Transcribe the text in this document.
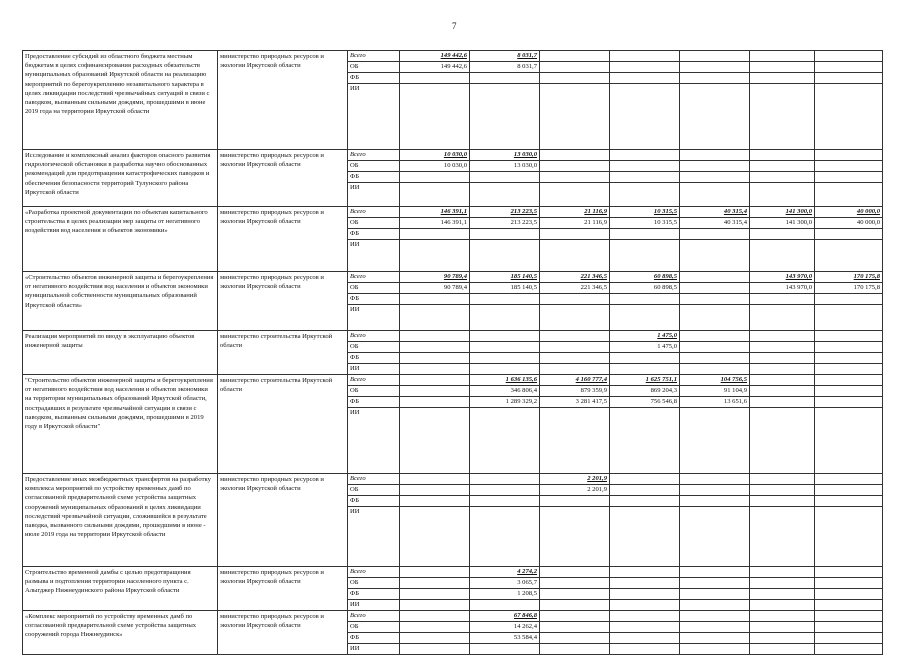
7
Предоставление субсидий из областного бюджета местным бюджетам в целях софинансирования расходных обязательств муниципальных образований Иркутской области на реализацию мероприятий по берегоукреплению незавитального характера в целях ликвидации последствий чрезвычайных ситуаций в связи с паводком, вызванным сильными дождями, прошедшими в июне 2019 года на территории Иркутской области	министерство природных ресурсов и экологии Иркутской области	Всего	149 442,6	8 031,7					
		ОБ	149 442,6	8 031,7					
		ФБ							
		ИИ							
Исследование и комплексный анализ факторов опасного развития гидрологической обстановки в разработка научно обоснованных рекомендаций для предотвращения катастрофических паводков и обеспечения безопасности территорий Тулунского района Иркутской области	министерство природных ресурсов и экологии Иркутской области	Всего	10 030,0	13 030,0					
		ОБ	10 030,0	13 030,0					
		ФБ							
		ИИ							
«Разработка проектной документации по объектам капитального строительства в целях реализации мер защиты от негативного воздействия вод населения и объектов экономики»	министерство природных ресурсов и экологии Иркутской области	Всего	146 391,1	213 223,5	21 116,9	10 315,5	40 315,4	141 300,0	40 000,0
		ОБ	146 391,1	213 223,5	21 116,9	10 315,5	40 315,4	141 300,0	40 000,0
		ФБ							
		ИИ							
«Строительство объектов инженерной защиты и берегоукрепления от негативного воздействия вод населения и объектов экономики муниципальной собственности муниципальных образований Иркутской области»	министерство природных ресурсов и экологии Иркутской области	Всего	90 789,4	185 140,5	221 346,5	60 898,5		143 970,0	170 175,8
		ОБ	90 789,4	185 140,5	221 346,5	60 898,5		143 970,0	170 175,8
		ФБ							
		ИИ							
Реализация мероприятий по вводу в эксплуатацию объектов инженерной защиты	министерство строительства Иркутской области	Всего				1 475,0			
		ОБ				1 475,0			
		ФБ							
		ИИ							
"Строительство объектов инженерной защиты и берегоукрепления от негативного воздействия вод населения и объектов экономики на территории муниципальных образований Иркутской области, пострадавших в результате чрезвычайной ситуации в связи с паводком, вызванным сильными дождями, прошедшими в 2019 году в Иркутской области"	министерство строительства Иркутской области	Всего		1 636 135,6	4 160 777,4	1 625 751,1	104 756,5		
		ОБ		346 806,4	879 359,9	869 204,3	91 104,9		
		ФБ		1 289 329,2	3 281 417,5	756 546,8	13 651,6		
		ИИ							
Предоставление иных межбюджетных трансфертов на разработку комплекса мероприятий по устройству временных дамб по согласованной предварительной схеме устройства защитных сооружений муниципальных образований в целях ликвидации последствий чрезвычайной ситуации, сложившейся в результате паводка, вызванного сильными дождями, прошедшими в июне - июле 2019 года на территории Иркутской области	министерство природных ресурсов и экологии Иркутской области	Всего			2 201,9				
		ОБ			2 201,9				
		ФБ							
		ИИ							
Строительство временной дамбы с целью предотвращения размыва и подтопления территории населенного пункта с. Алыгджер Нижнеудинского района Иркутской области	министерство природных ресурсов и экологии Иркутской области	Всего		4 274,2					
		ОБ		3 065,7					
		ФБ		1 208,5					
		ИИ							
«Комплекс мероприятий по устройству временных дамб по согласованной предварительной схеме устройства защитных сооружений города Нижнеудинск»	министерство природных ресурсов и экологии Иркутской области	Всего		67 846,8					
		ОБ		14 262,4					
		ФБ		53 584,4					
		ИИ							
